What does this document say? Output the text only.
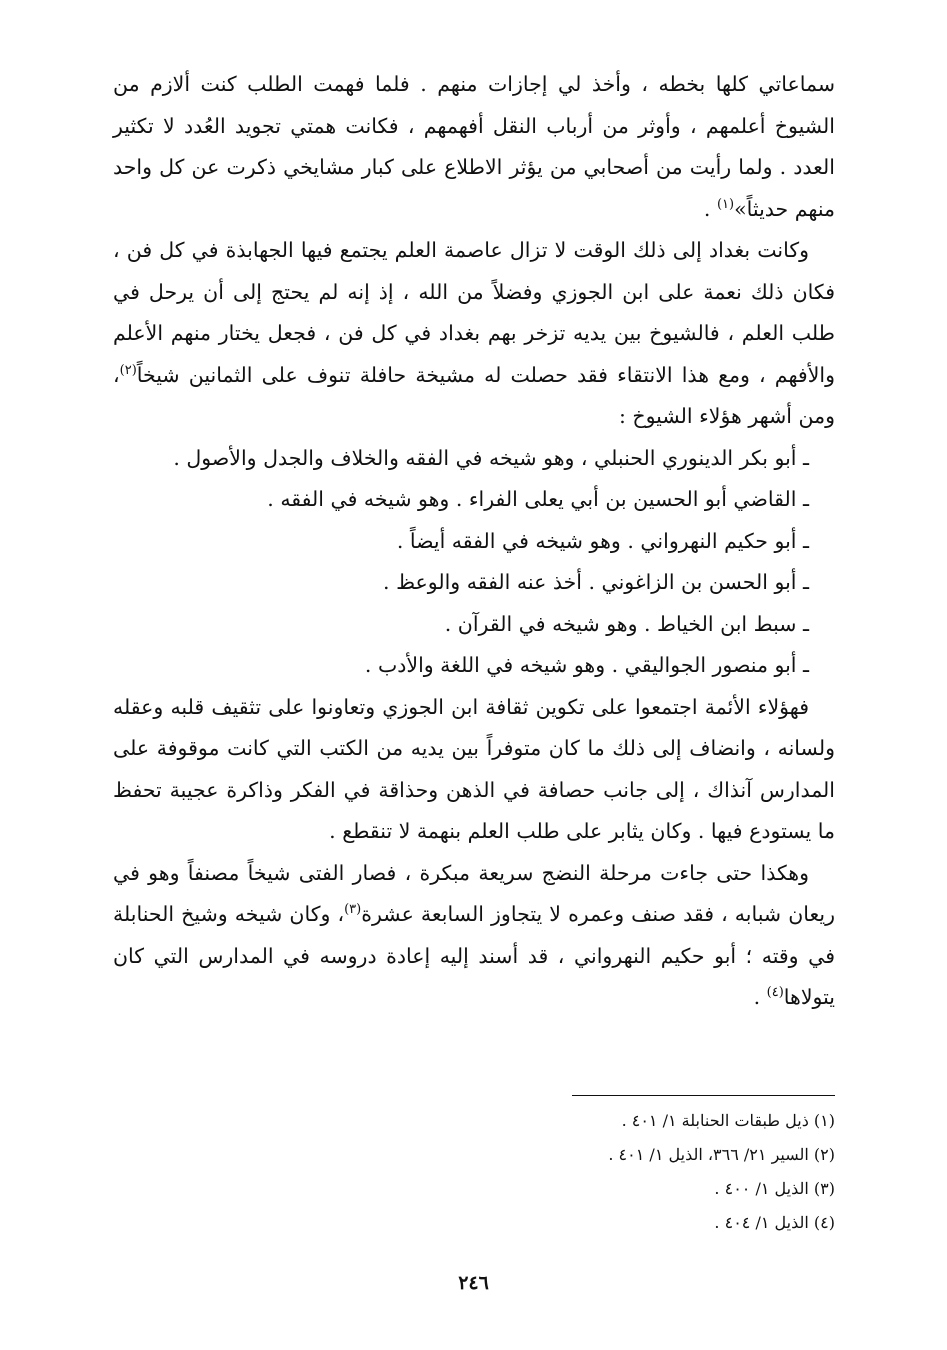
سماعاتي كلها بخطه ، وأخذ لي إجازات منهم . فلما فهمت الطلب كنت ألازم من الشيوخ أعلمهم ، وأوثر من أرباب النقل أفهمهم ، فكانت همتي تجويد العُدد لا تكثير العدد . ولما رأيت من أصحابي من يؤثر الاطلاع على كبار مشايخي ذكرت عن كل واحد منهم حديثاً»$^{(١)}$ .

وكانت بغداد إلى ذلك الوقت لا تزال عاصمة العلم يجتمع فيها الجهابذة في كل فن ، فكان ذلك نعمة على ابن الجوزي وفضلاً من الله ، إذ إنه لم يحتج إلى أن يرحل في طلب العلم ، فالشيوخ بين يديه تزخر بهم بغداد في كل فن ، فجعل يختار منهم الأعلم والأفهم ، ومع هذا الانتقاء فقد حصلت له مشيخة حافلة تنوف على الثمانين شيخاً$^{(٢)}$، ومن أشهر هؤلاء الشيوخ :

ـ أبو بكر الدينوري الحنبلي ، وهو شيخه في الفقه والخلاف والجدل والأصول .
ـ القاضي أبو الحسين بن أبي يعلى الفراء . وهو شيخه في الفقه .
ـ أبو حكيم النهرواني . وهو شيخه في الفقه أيضاً .
ـ أبو الحسن بن الزاغوني . أخذ عنه الفقه والوعظ .
ـ سبط ابن الخياط . وهو شيخه في القرآن .
ـ أبو منصور الجواليقي . وهو شيخه في اللغة والأدب .

فهؤلاء الأئمة اجتمعوا على تكوين ثقافة ابن الجوزي وتعاونوا على تثقيف قلبه وعقله ولسانه ، وانضاف إلى ذلك ما كان متوفراً بين يديه من الكتب التي كانت موقوفة على المدارس آنذاك ، إلى جانب حصافة في الذهن وحذاقة في الفكر وذاكرة عجيبة تحفظ ما يستودع فيها . وكان يثابر على طلب العلم بنهمة لا تنقطع .

وهكذا حتى جاءت مرحلة النضج سريعة مبكرة ، فصار الفتى شيخاً مصنفاً وهو في ريعان شبابه ، فقد صنف وعمره لا يتجاوز السابعة عشرة$^{(٣)}$، وكان شيخه وشيخ الحنابلة في وقته ؛ أبو حكيم النهرواني ، قد أسند إليه إعادة دروسه في المدارس التي كان يتولاها$^{(٤)}$ .

(١) ذيل طبقات الحنابلة ١/ ٤٠١ .
(٢) السير ٢١/ ٣٦٦، الذيل ١/ ٤٠١ .
(٣) الذيل ١/ ٤٠٠ .
(٤) الذيل ١/ ٤٠٤ .
٢٤٦
